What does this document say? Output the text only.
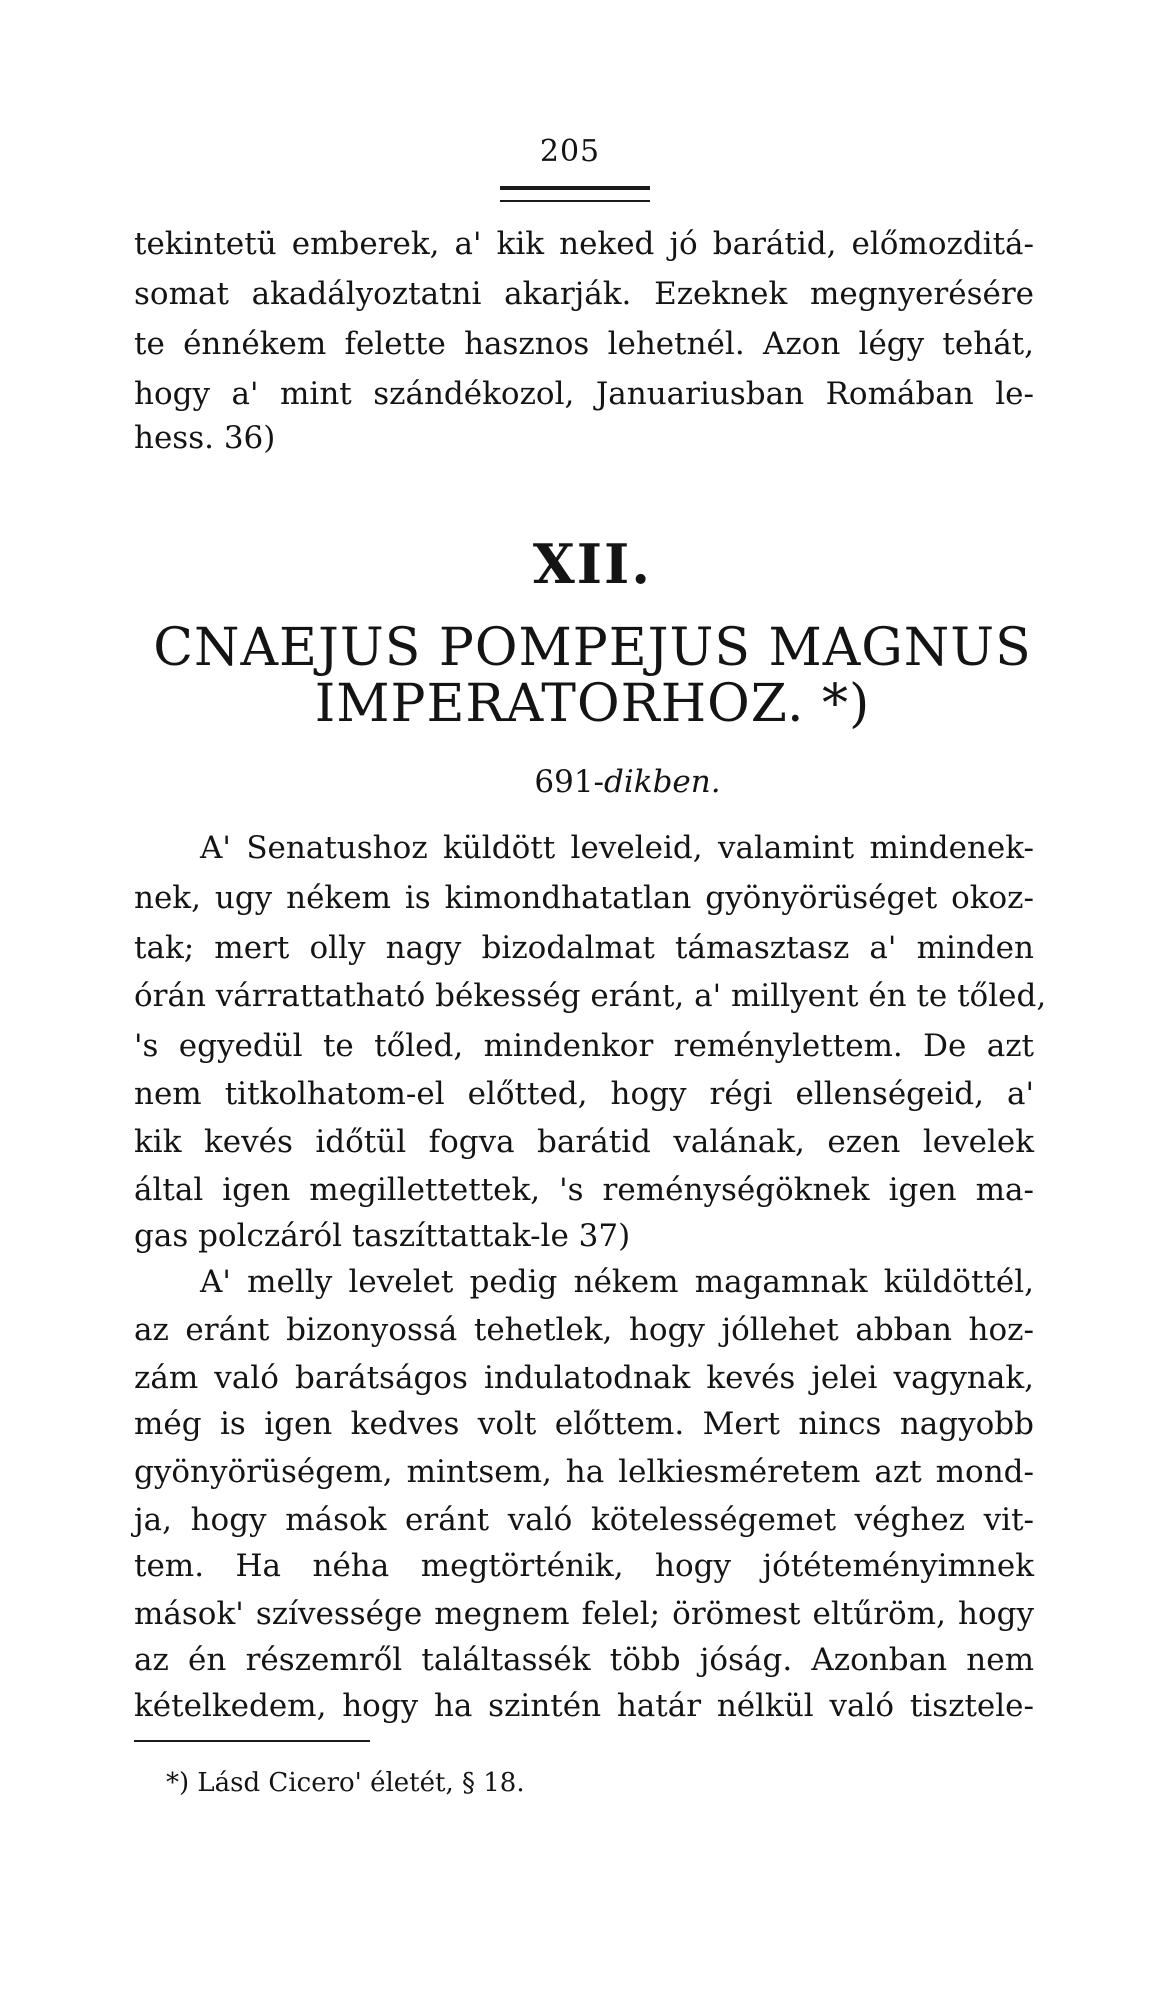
205
tekintetü emberek, a' kik neked jó barátid, előmozditá-
somat akadályoztatni akarják. Ezeknek megnyerésére
te énnékem felette hasznos lehetnél. Azon légy tehát,
hogy a' mint szándékozol, Januariusban Romában le-
hess. 36)
XII.
CNAEJUS POMPEJUS MAGNUS
IMPERATORHOZ. *)
691-dikben.
A' Senatushoz küldött leveleid, valamint mindenek-
nek, ugy nékem is kimondhatatlan gyönyörüséget okoz-
tak; mert olly nagy bizodalmat támasztasz a' minden
órán várrattatható békesség eránt, a' millyent én te tőled,
's egyedül te tőled, mindenkor reménylettem. De azt
nem titkolhatom-el előtted, hogy régi ellenségeid, a'
kik kevés időtül fogva barátid valának, ezen levelek
által igen megillettettek, 's reménységöknek igen ma-
gas polczáról taszíttattak-le 37)
A' melly levelet pedig nékem magamnak küldöttél,
az eránt bizonyossá tehetlek, hogy jóllehet abban hoz-
zám való barátságos indulatodnak kevés jelei vagynak,
még is igen kedves volt előttem. Mert nincs nagyobb
gyönyörüségem, mintsem, ha lelkiesméretem azt mond-
ja, hogy mások eránt való kötelességemet véghez vit-
tem. Ha néha megtörténik, hogy jótéteményimnek
mások' szívessége megnem felel; örömest eltűröm, hogy
az én részemről találtassék több jóság. Azonban nem
kételkedem, hogy ha szintén határ nélkül való tisztele-
*) Lásd Cicero' életét, § 18.
